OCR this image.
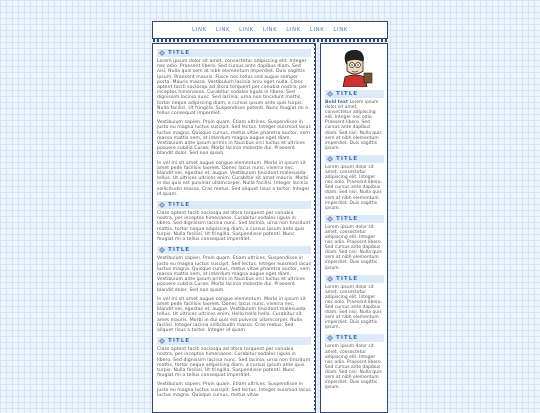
LINK LINK LINK LINK LINK LINK LINK
TITLE

Lorem ipsum dolor sit amet, consectetur adipiscing elit. Integer nec odio. Praesent libero. Sed cursus ante dapibus diam. Sed nisi. Nulla quis sem at nibh elementum imperdiet. Duis sagittis ipsum. Praesent mauris. Fusce nec tellus sed augue semper porta. Mauris massa. Vestibulum lacinia arcu eget nulla. Class aptent taciti sociosqu ad litora torquent per conubia nostra, per inceptos himenaeos. Curabitur sodales ligula in libero. Sed dignissim lacinia nunc. Sed lacinia, urna non tincidunt mattis, tortor neque adipiscing diam, a cursus ipsum ante quis turpis. Nulla facilisi. Ut fringilla. Suspendisse potenti. Nunc feugiat mi a tellus consequat imperdiet.

Vestibulum sapien. Proin quam. Etiam ultrices. Suspendisse in justo eu magna luctus suscipit. Sed lectus. Integer euismod lacus luctus magna. Quisque cursus, metus vitae pharetra auctor, sem massa mattis sem, at interdum magna augue eget diam. Vestibulum ante ipsum primis in faucibus orci luctus et ultrices posuere cubilia Curae; Morbi lacinia molestie dui. Praesent blandit dolor. Sed non quam.

In vel mi sit amet augue congue elementum. Morbi in ipsum sit amet pede facilisis laoreet. Donec lacus nunc, viverra nec, blandit vel, egestas et, augue. Vestibulum tincidunt malesuada tellus. Ut ultrices ultrices enim. Curabitur sit amet mauris. Morbi in dui quis est pulvinar ullamcorper. Nulla facilisi. Integer lacinia sollicitudin massa. Cras metus. Sed aliquet risus a tortor. Integer id quam.

TITLE

Class aptent taciti sociosqu ad litora torquent per conubia nostra, per inceptos himenaeos. Curabitur sodales ligula in libero. Sed dignissim lacinia nunc. Sed lacinia, urna non tincidunt mattis, tortor neque adipiscing diam, a cursus ipsum ante quis turpis. Nulla facilisi. Ut fringilla. Suspendisse potenti. Nunc feugiat mi a tellus consequat imperdiet.

TITLE

Vestibulum sapien. Proin quam. Etiam ultrices. Suspendisse in justo eu magna luctus suscipit. Sed lectus. Integer euismod lacus luctus magna. Quisque cursus, metus vitae pharetra auctor, sem massa mattis sem, at interdum magna augue eget diam. Vestibulum ante ipsum primis in faucibus orci luctus et ultrices posuere cubilia Curae; Morbi lacinia molestie dui. Praesent blandit dolor. Sed non quam.

In vel mi sit amet augue congue elementum. Morbi in ipsum sit amet pede facilisis laoreet. Donec lacus nunc, viverra nec, blandit vel, egestas et, augue. Vestibulum tincidunt malesuada tellus. Ut ultrices ultrices enim. Hello hello hello. Curabitur sit amet mauris. Morbi in dui quis est pulvinar ullamcorper. Nulla facilisi. Integer lacinia sollicitudin massa. Cras metus. Sed aliquet risus a tortor. Integer id quam.

TITLE

Class aptent taciti sociosqu ad litora torquent per conubia nostra, per inceptos himenaeos. Curabitur sodales ligula in libero. Sed dignissim lacinia nunc. Sed lacinia, urna non tincidunt mattis, tortor neque adipiscing diam, a cursus ipsum ante quis turpis. Nulla facilisi. Ut fringilla. Suspendisse potenti. Nunc feugiat mi a tellus consequat imperdiet.

Vestibulum sapien. Proin quam. Etiam ultrices. Suspendisse in justo eu magna luctus suscipit. Sed lectus. Integer euismod lacus luctus magna. Quisque cursus, metus vitae

TITLE

Bold text Lorem ipsum dolor sit amet, consectetur adipiscing elit. Integer nec odio. Praesent libero. Sed cursus ante dapibus diam. Sed nisi. Nulla quis sem at nibh elementum imperdiet. Duis sagittis ipsum.

TITLE

Lorem ipsum dolor sit amet, consectetur adipiscing elit. Integer nec odio. Praesent libero. Sed cursus ante dapibus diam. Sed nisi. Nulla quis sem at nibh elementum imperdiet. Duis sagittis ipsum.

TITLE

Lorem ipsum dolor sit amet, consectetur adipiscing elit. Integer nec odio. Praesent libero. Sed cursus ante dapibus diam. Sed nisi. Nulla quis sem at nibh elementum imperdiet. Duis sagittis ipsum.

TITLE

Lorem ipsum dolor sit amet, consectetur adipiscing elit. Integer nec odio. Praesent libero. Sed cursus ante dapibus diam. Sed nisi. Nulla quis sem at nibh elementum imperdiet. Duis sagittis ipsum.

TITLE

Lorem ipsum dolor sit amet, consectetur adipiscing elit. Integer nec odio. Praesent libero. Sed cursus ante dapibus diam. Sed nisi. Nulla quis sem at nibh elementum imperdiet. Duis sagittis ipsum.
